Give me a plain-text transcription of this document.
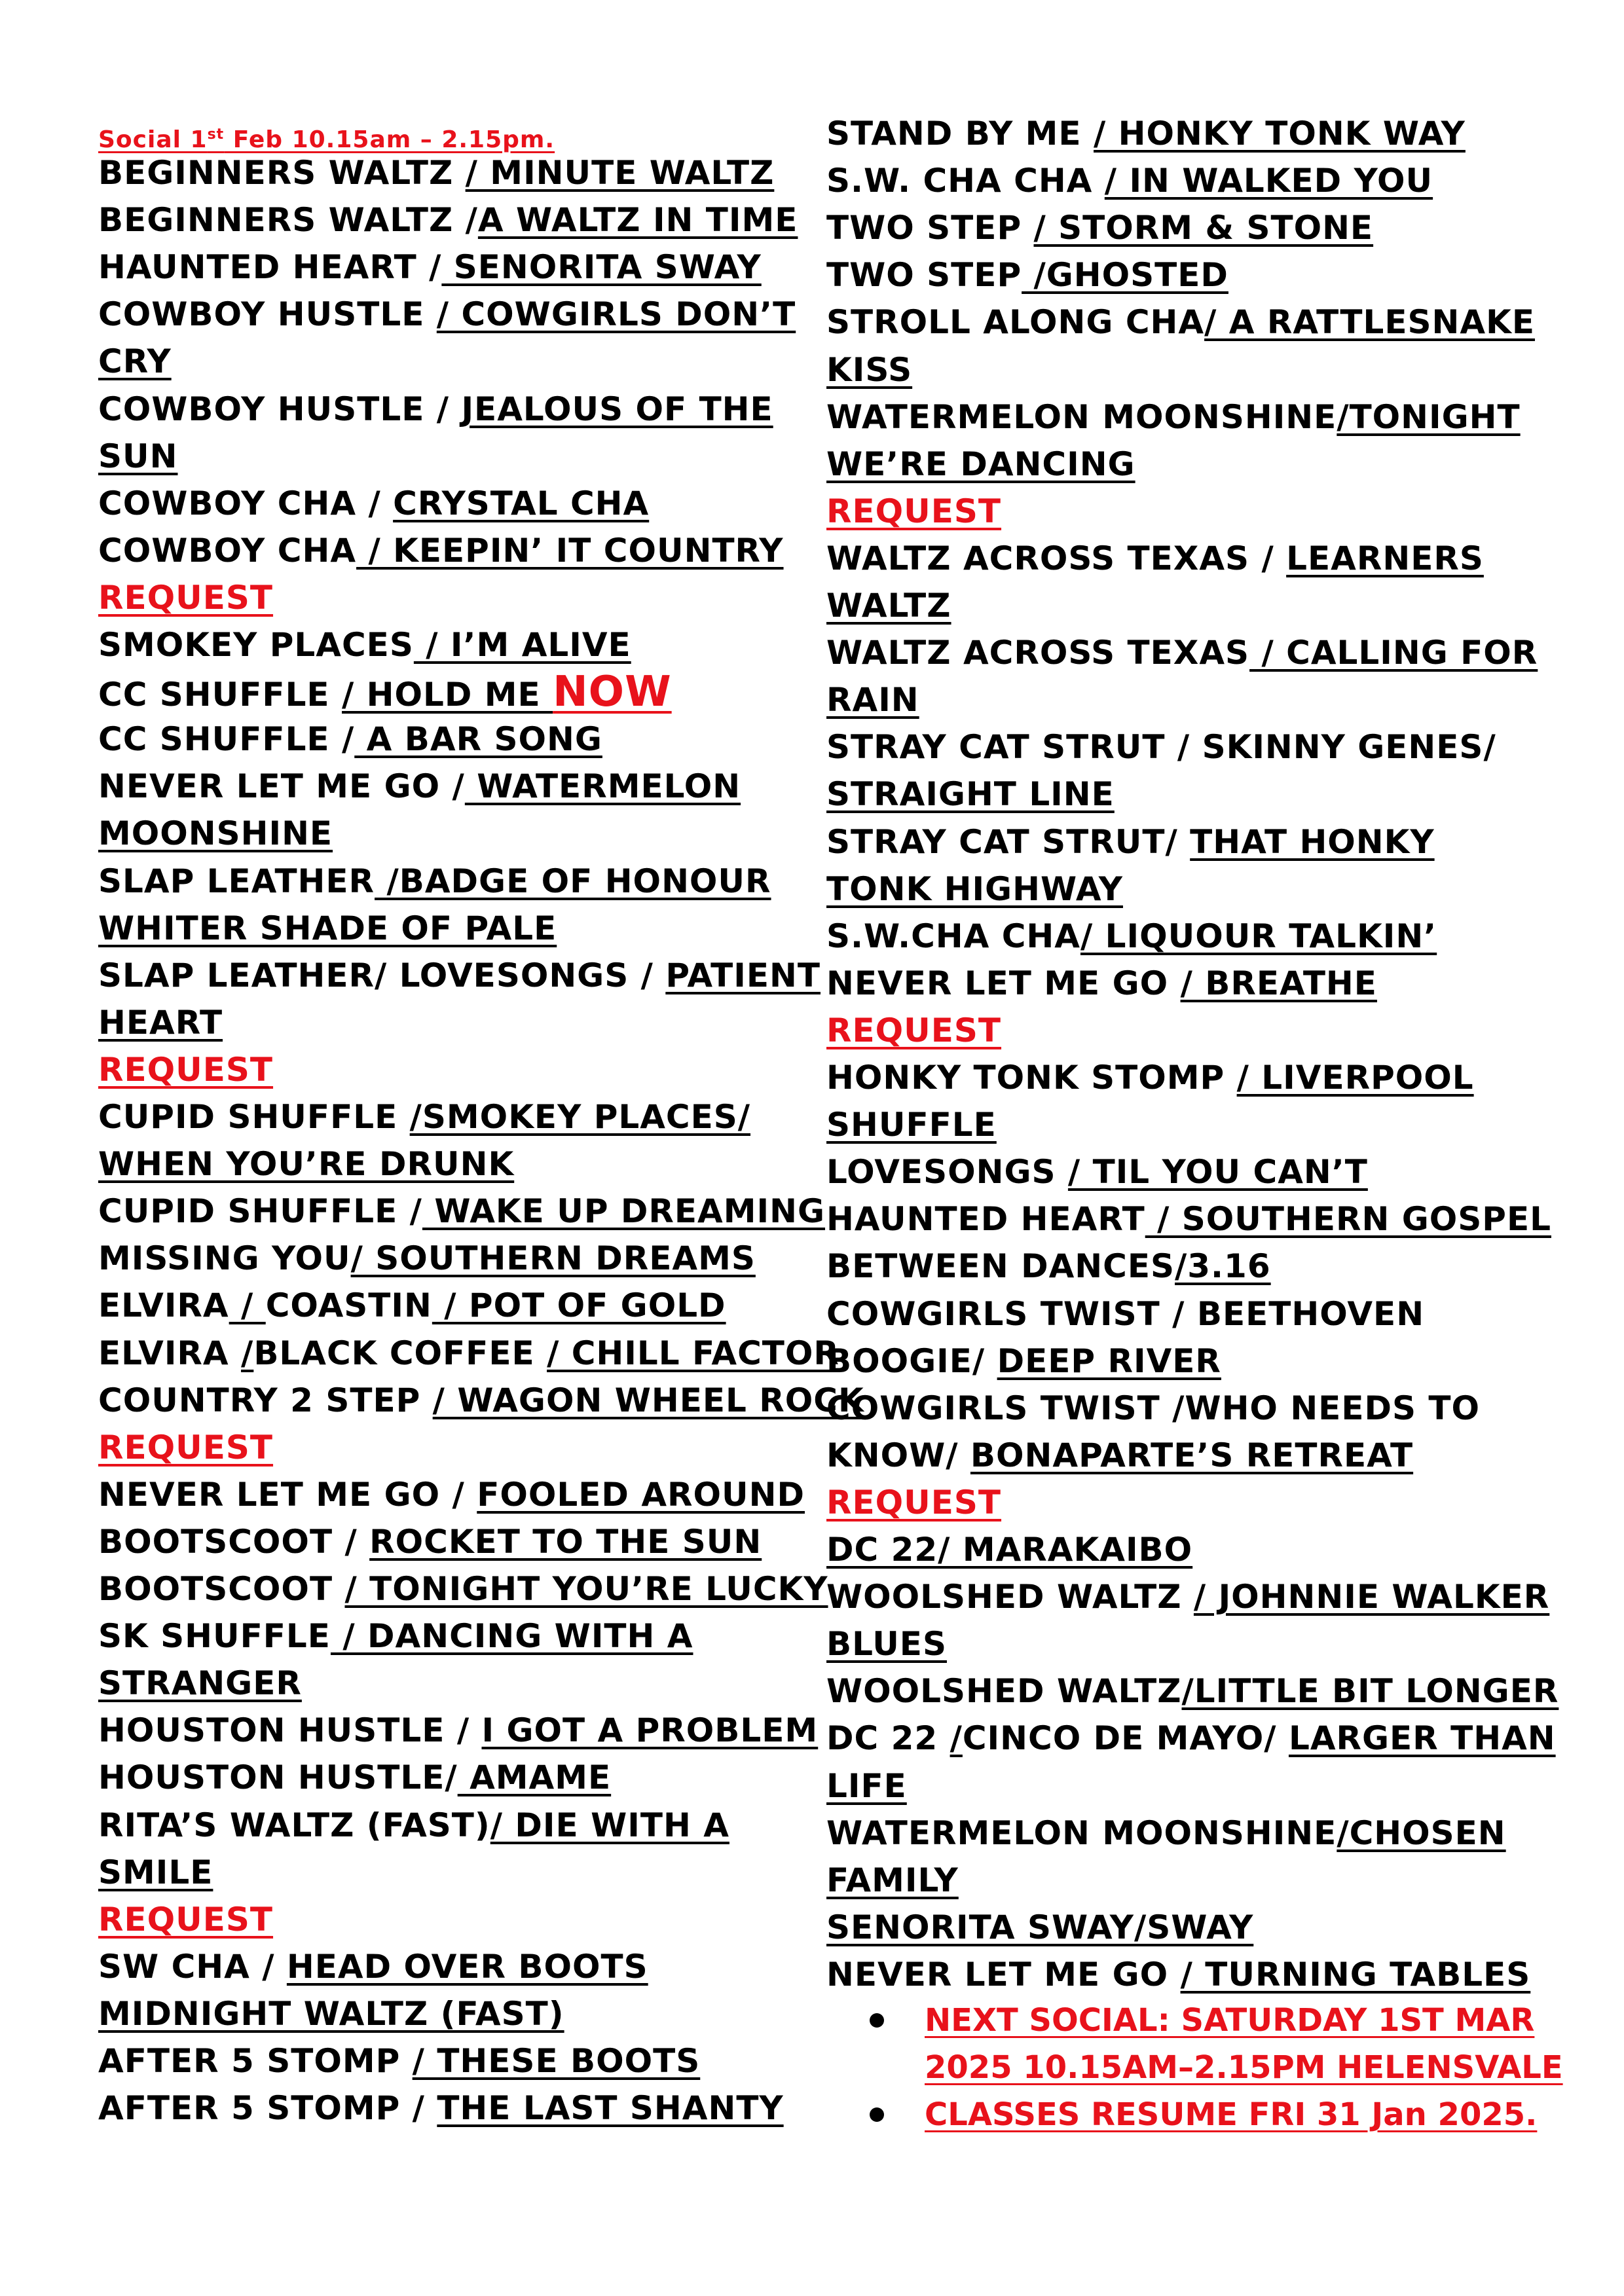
Social 1st Feb 10.15am – 2.15pm.
BEGINNERS WALTZ / MINUTE WALTZ
BEGINNERS WALTZ /A WALTZ IN TIME
HAUNTED HEART / SENORITA SWAY
COWBOY HUSTLE / COWGIRLS DON’T
CRY
COWBOY HUSTLE / JEALOUS OF THE
SUN
COWBOY CHA / CRYSTAL CHA
COWBOY CHA / KEEPIN’ IT COUNTRY
REQUEST
SMOKEY PLACES / I’M ALIVE
CC SHUFFLE / HOLD ME NOW
CC SHUFFLE / A BAR SONG
NEVER LET ME GO / WATERMELON
MOONSHINE
SLAP LEATHER /BADGE OF HONOUR
WHITER SHADE OF PALE
SLAP LEATHER/ LOVESONGS / PATIENT
HEART
REQUEST
CUPID SHUFFLE /SMOKEY PLACES/
WHEN YOU’RE DRUNK
CUPID SHUFFLE / WAKE UP DREAMING
MISSING YOU/ SOUTHERN DREAMS
ELVIRA / COASTIN / POT OF GOLD
ELVIRA /BLACK COFFEE / CHILL FACTOR
COUNTRY 2 STEP / WAGON WHEEL ROCK
REQUEST
NEVER LET ME GO / FOOLED AROUND
BOOTSCOOT / ROCKET TO THE SUN
BOOTSCOOT / TONIGHT YOU’RE LUCKY
SK SHUFFLE / DANCING WITH A
STRANGER
HOUSTON HUSTLE / I GOT A PROBLEM
HOUSTON HUSTLE/ AMAME
RITA’S WALTZ (FAST)/ DIE WITH A
SMILE
REQUEST
SW CHA / HEAD OVER BOOTS
MIDNIGHT WALTZ (FAST)
AFTER 5 STOMP / THESE BOOTS
AFTER 5 STOMP / THE LAST SHANTY
STAND BY ME / HONKY TONK WAY
S.W. CHA CHA / IN WALKED YOU
TWO STEP / STORM & STONE
TWO STEP /GHOSTED
STROLL ALONG CHA/ A RATTLESNAKE
KISS
WATERMELON MOONSHINE/TONIGHT
WE’RE DANCING
REQUEST
WALTZ ACROSS TEXAS / LEARNERS
WALTZ
WALTZ ACROSS TEXAS / CALLING FOR
RAIN
STRAY CAT STRUT / SKINNY GENES/
STRAIGHT LINE
STRAY CAT STRUT/ THAT HONKY
TONK HIGHWAY
S.W.CHA CHA/ LIQUOUR TALKIN’
NEVER LET ME GO / BREATHE
REQUEST
HONKY TONK STOMP / LIVERPOOL
SHUFFLE
LOVESONGS / TIL YOU CAN’T
HAUNTED HEART / SOUTHERN GOSPEL
BETWEEN DANCES/3.16
COWGIRLS TWIST / BEETHOVEN
BOOGIE/ DEEP RIVER
COWGIRLS TWIST /WHO NEEDS TO
KNOW/ BONAPARTE’S RETREAT
REQUEST
DC 22/ MARAKAIBO
WOOLSHED WALTZ / JOHNNIE WALKER
BLUES
WOOLSHED WALTZ/LITTLE BIT LONGER
DC 22 /CINCO DE MAYO/ LARGER THAN
LIFE
WATERMELON MOONSHINE/CHOSEN
FAMILY
SENORITA SWAY/SWAY
NEVER LET ME GO / TURNING TABLES
NEXT SOCIAL: SATURDAY 1ST MAR
2025 10.15AM–2.15PM HELENSVALE
CLASSES RESUME FRI 31 Jan 2025.
